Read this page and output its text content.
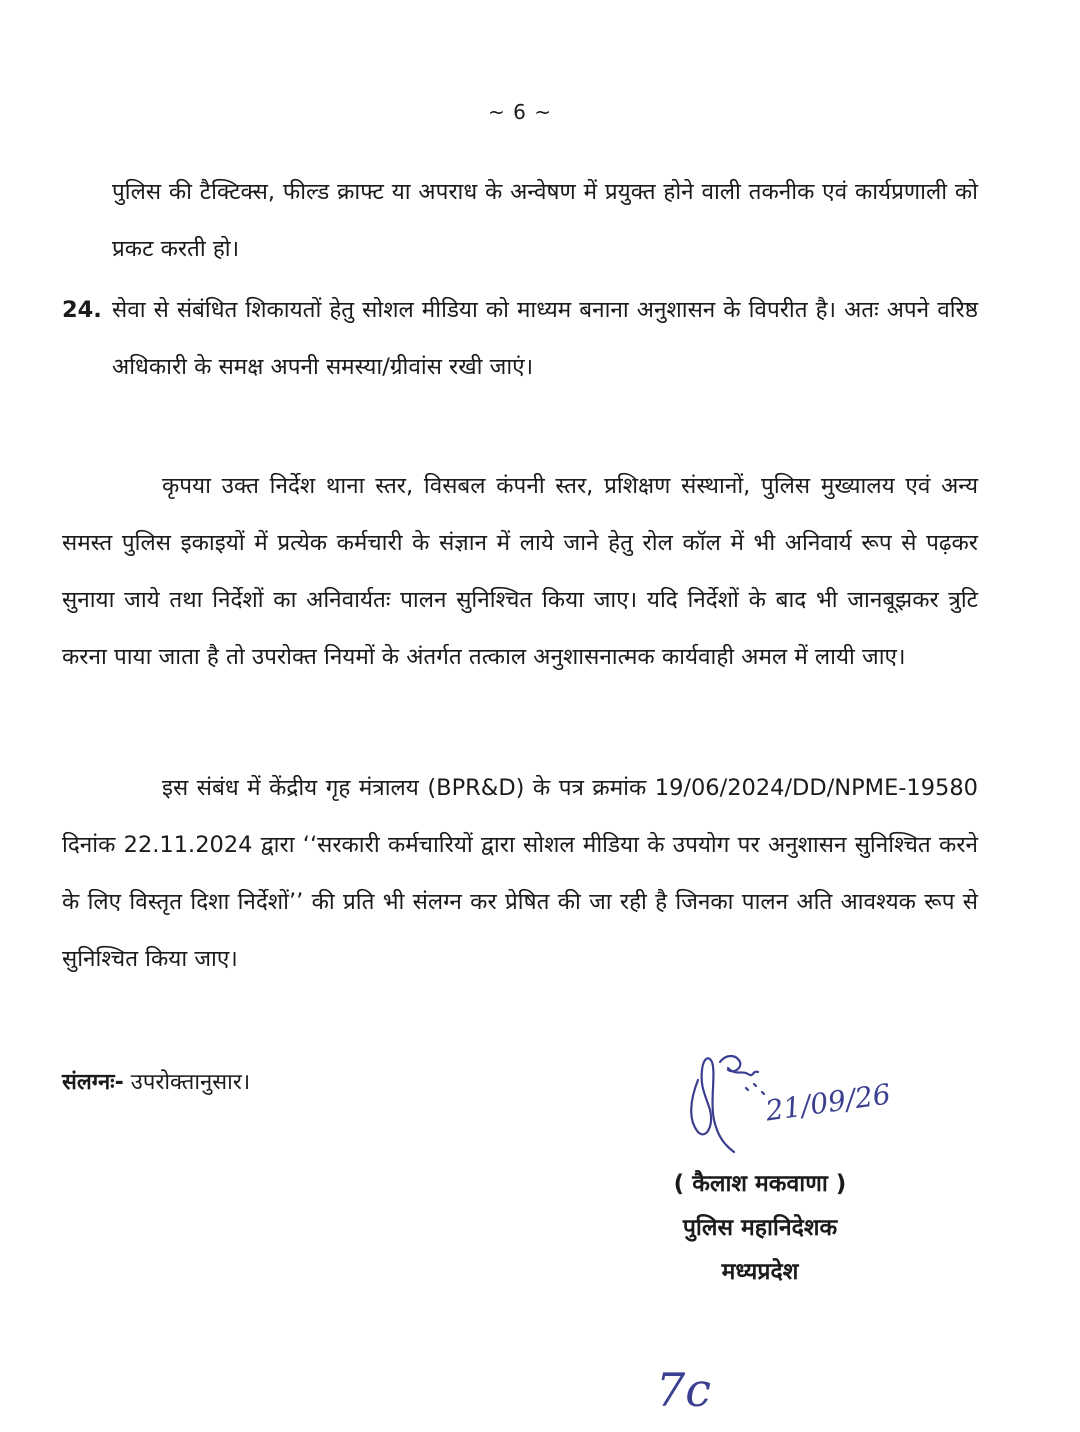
~ 6 ~

पुलिस की टैक्टिक्स, फील्ड क्राफ्ट या अपराध के अन्वेषण में प्रयुक्त होने वाली तकनीक एवं कार्यप्रणाली को प्रकट करती हो।

24. सेवा से संबंधित शिकायतों हेतु सोशल मीडिया को माध्यम बनाना अनुशासन के विपरीत है। अतः अपने वरिष्ठ अधिकारी के समक्ष अपनी समस्या/ग्रीवांस रखी जाएं।

कृपया उक्त निर्देश थाना स्तर, विसबल कंपनी स्तर, प्रशिक्षण संस्थानों, पुलिस मुख्यालय एवं अन्य समस्त पुलिस इकाइयों में प्रत्येक कर्मचारी के संज्ञान में लाये जाने हेतु रोल कॉल में भी अनिवार्य रूप से पढ़कर सुनाया जाये तथा निर्देशों का अनिवार्यतः पालन सुनिश्चित किया जाए। यदि निर्देशों के बाद भी जानबूझकर त्रुटि करना पाया जाता है तो उपरोक्त नियमों के अंतर्गत तत्काल अनुशासनात्मक कार्यवाही अमल में लायी जाए।

इस संबंध में केंद्रीय गृह मंत्रालय (BPR&D) के पत्र क्रमांक 19/06/2024/DD/NPME-19580 दिनांक 22.11.2024 द्वारा ‘‘सरकारी कर्मचारियों द्वारा सोशल मीडिया के उपयोग पर अनुशासन सुनिश्चित करने के लिए विस्तृत दिशा निर्देशों’’ की प्रति भी संलग्न कर प्रेषित की जा रही है जिनका पालन अति आवश्यक रूप से सुनिश्चित किया जाए।

संलग्नः- उपरोक्तानुसार।	21/09/26
( कैलाश मकवाणा )
पुलिस महानिदेशक
मध्यप्रदेश
7c
